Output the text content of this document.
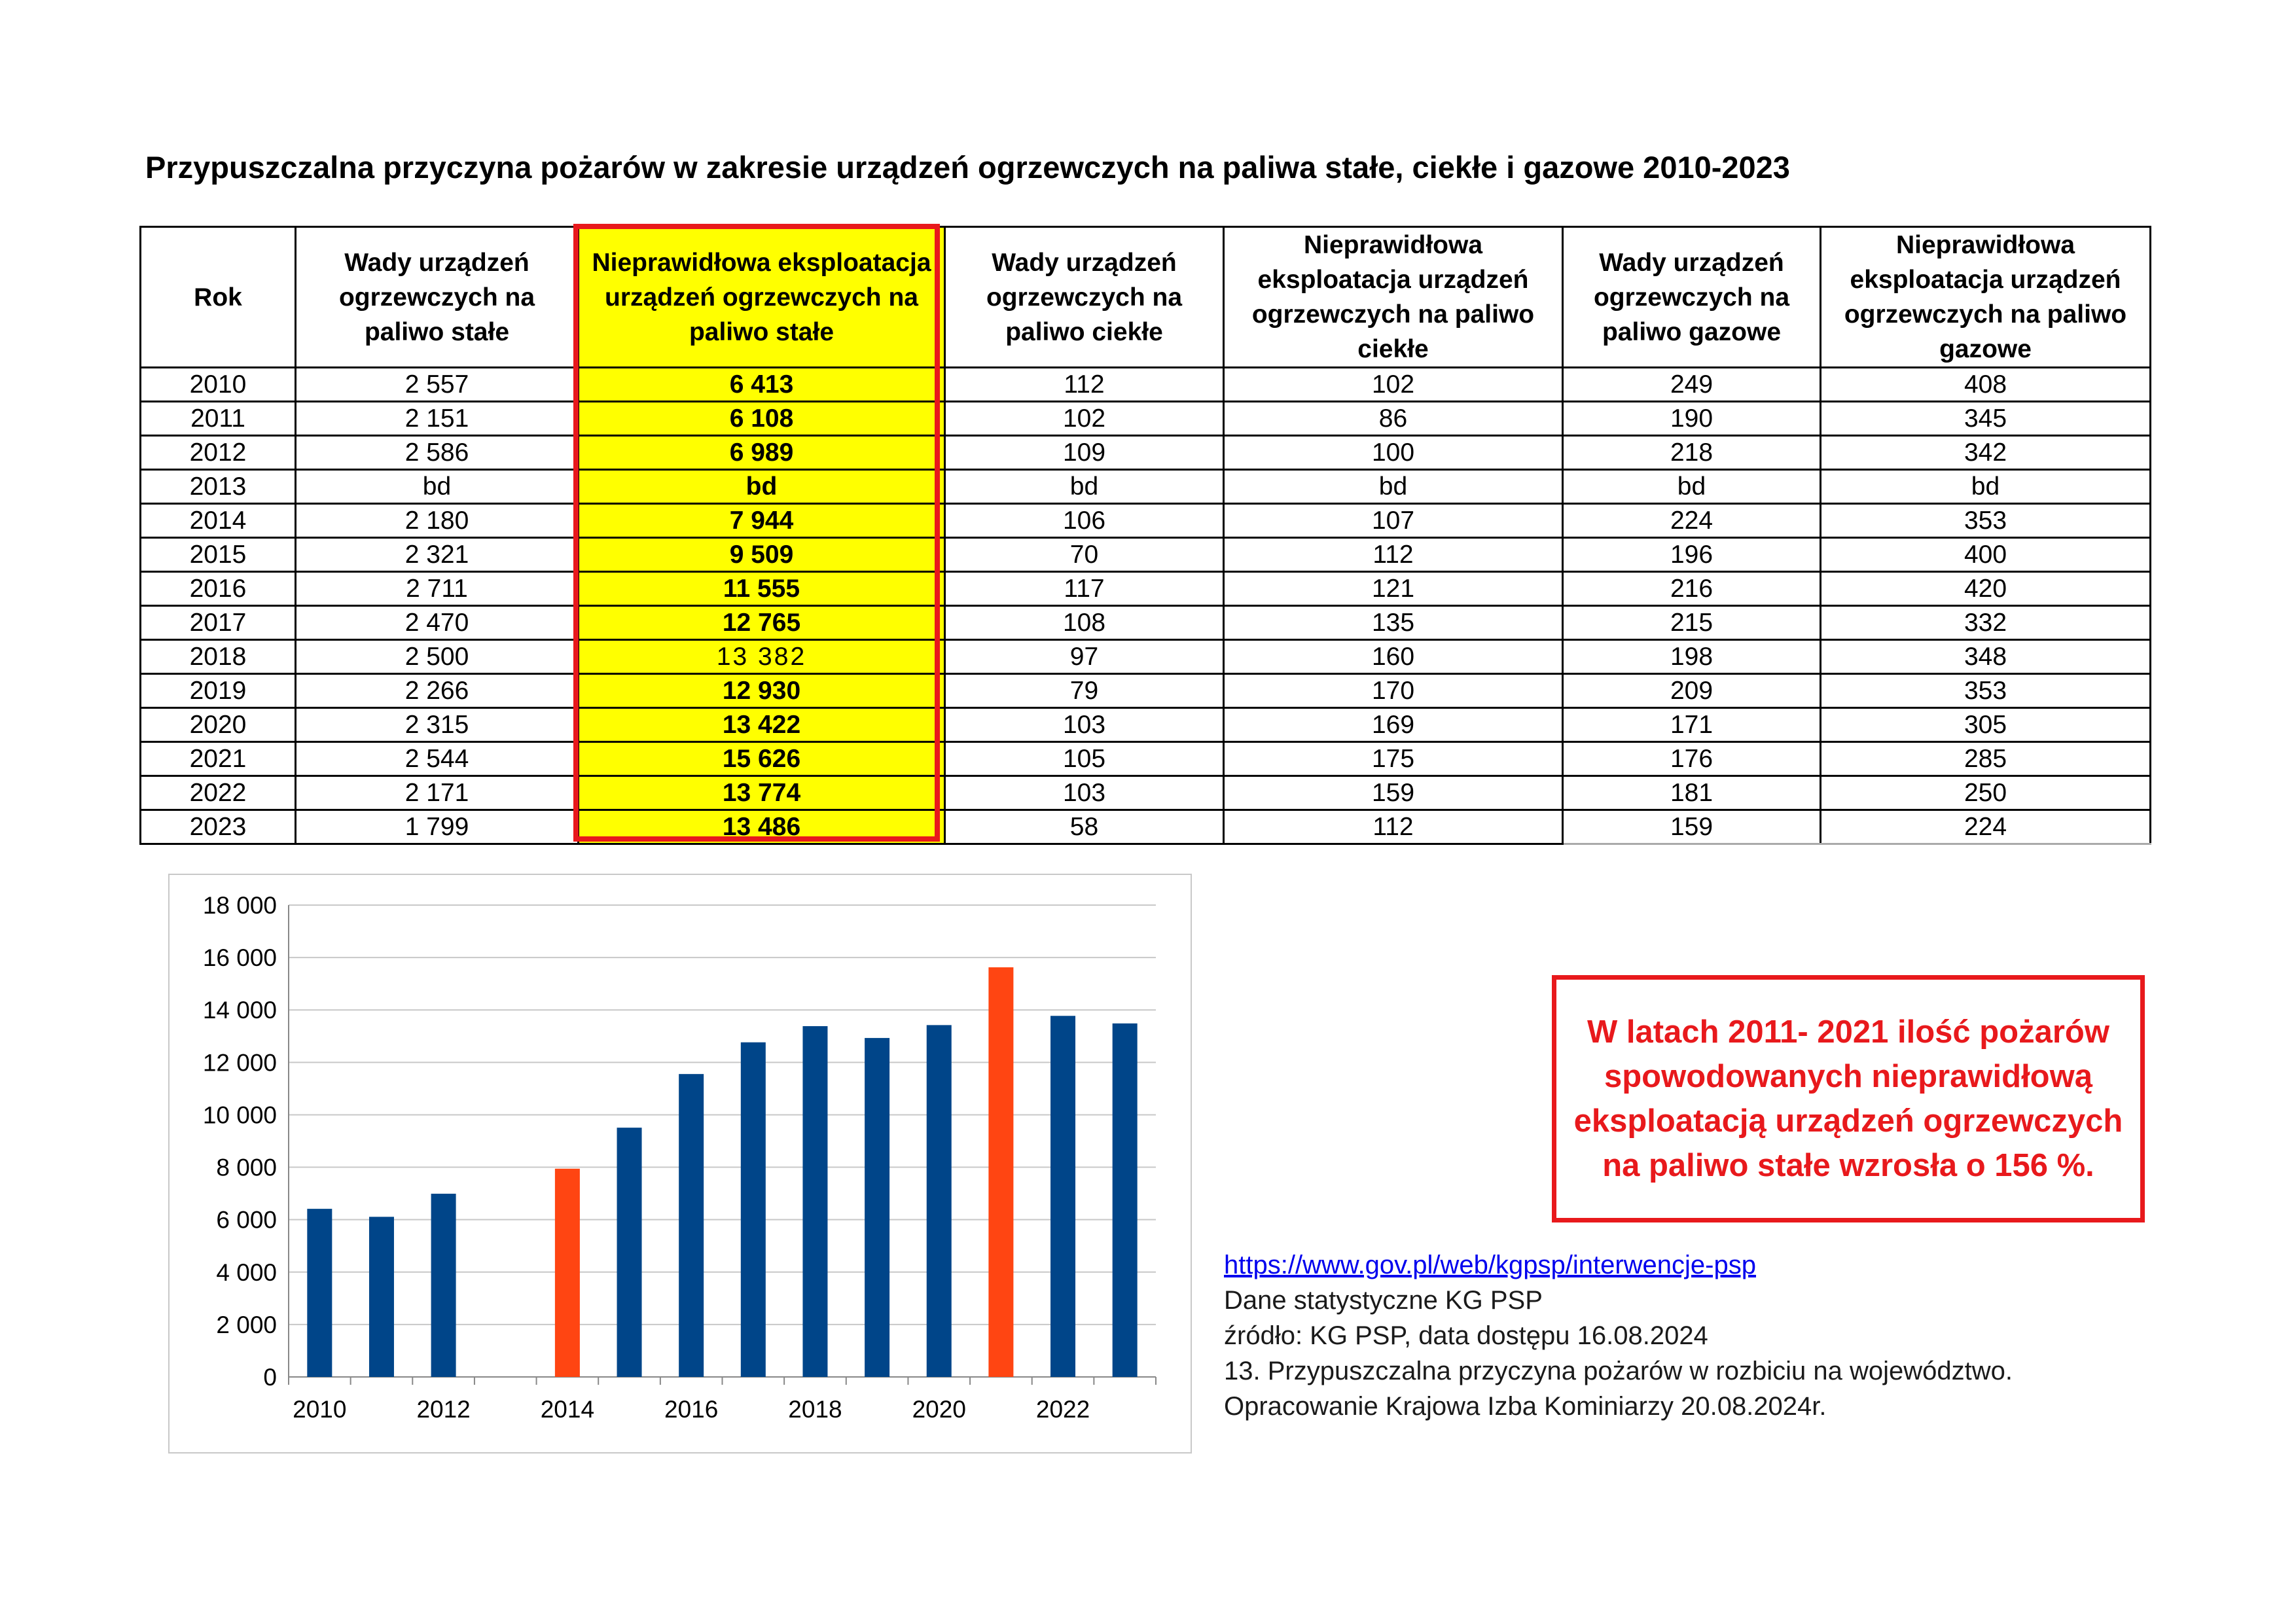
Przypuszczalna przyczyna pożarów w zakresie urządzeń ogrzewczych na paliwa stałe, ciekłe i gazowe 2010-2023
Rok	Wady urządzeń ogrzewczych na paliwo stałe	Nieprawidłowa eksploatacja urządzeń ogrzewczych na paliwo stałe	Wady urządzeń ogrzewczych na paliwo ciekłe	Nieprawidłowa eksploatacja urządzeń ogrzewczych na paliwo ciekłe	Wady urządzeń ogrzewczych na paliwo gazowe	Nieprawidłowa eksploatacja urządzeń ogrzewczych na paliwo gazowe
2010	2 557	6 413	112	102	249	408
2011	2 151	6 108	102	86	190	345
2012	2 586	6 989	109	100	218	342
2013	bd	bd	bd	bd	bd	bd
2014	2 180	7 944	106	107	224	353
2015	2 321	9 509	70	112	196	400
2016	2 711	11 555	117	121	216	420
2017	2 470	12 765	108	135	215	332
2018	2 500	13 382	97	160	198	348
2019	2 266	12 930	79	170	209	353
2020	2 315	13 422	103	169	171	305
2021	2 544	15 626	105	175	176	285
2022	2 171	13 774	103	159	181	250
2023	1 799	13 486	58	112	159	224
0
2 000
4 000
6 000
8 000
10 000
12 000
14 000
16 000
18 000
2010	2012	2014	2016	2018	2020	2022
W latach 2011- 2021 ilość pożarów spowodowanych nieprawidłową eksploatacją urządzeń ogrzewczych na paliwo stałe wzrosła o 156 %.
https://www.gov.pl/web/kgpsp/interwencje-psp
Dane statystyczne KG PSP
źródło: KG PSP, data dostępu 16.08.2024
13. Przypuszczalna przyczyna pożarów w rozbiciu na województwo.
Opracowanie Krajowa Izba Kominiarzy 20.08.2024r.
